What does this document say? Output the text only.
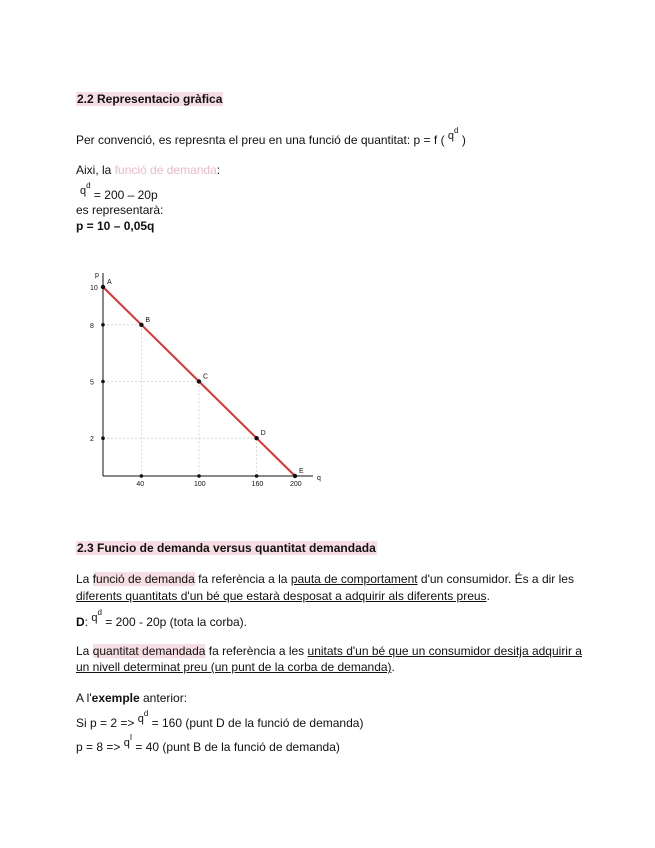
2.2 Representacio gràfica
Per convenció, es represnta el preu en una funció de quantitat: p = f ( $q^d$ )
Aixi, la funció de demanda:
$q^d = 200 - 20p$
es representarà:
p = 10 – 0,05q
q
p
A
B
C
D
E
10
8
5
2
40	100	160	200
2.3 Funcio de demanda versus quantitat demandada
La funció de demanda fa referència a la pauta de comportament d'un consumidor. És a dir les
diferents quantitats d'un bé que estarà desposat a adquirir als diferents preus.
D: $q^d = 200 - 20p$ (tota la corba).
La quantitat demandada fa referència a les unitats d'un bé que un consumidor desitja adquirir a
un nivell determinat preu (un punt de la corba de demanda).
A l'exemple anterior:
Si $p = 2 => q^d = 160$ (punt D de la funció de demanda)
$p = 8 => q^I = 40$ (punt B de la funció de demanda)
